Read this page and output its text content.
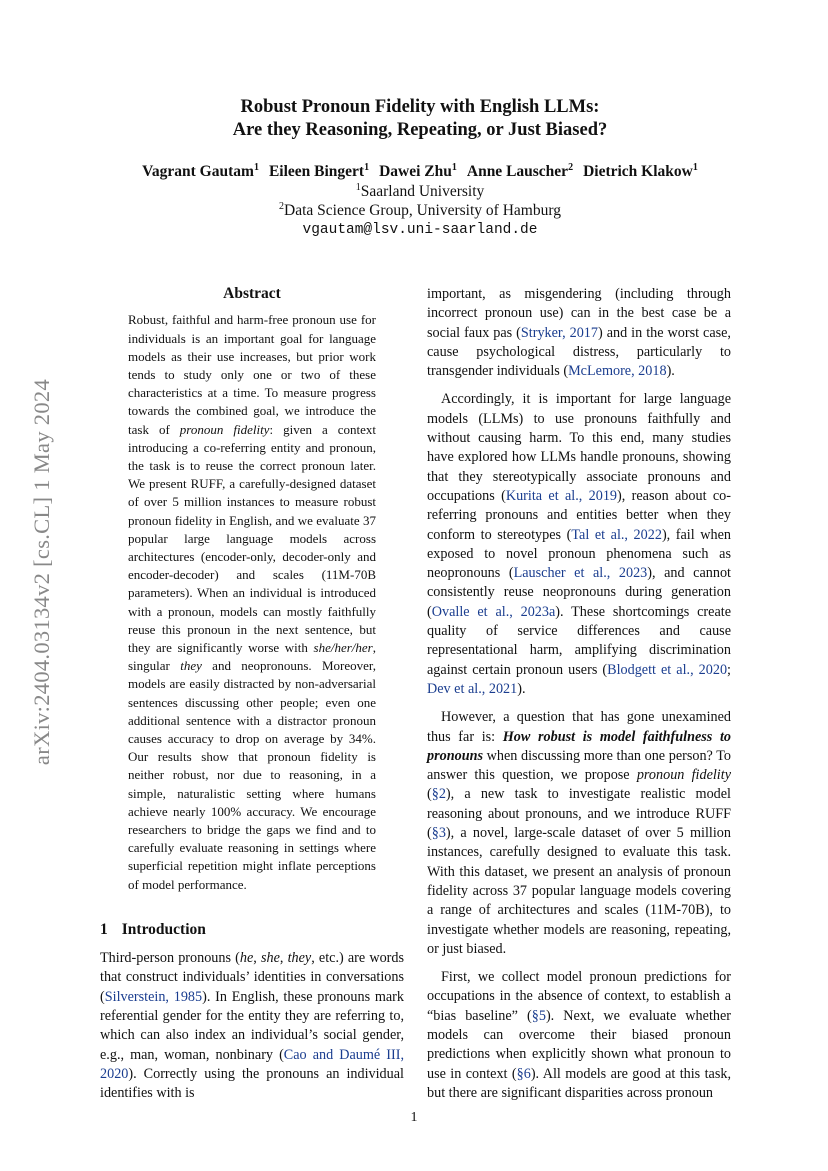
arXiv:2404.03134v2 [cs.CL] 1 May 2024
Robust Pronoun Fidelity with English LLMs:
Are they Reasoning, Repeating, or Just Biased?
Vagrant Gautam$^1$ Eileen Bingert$^1$ Dawei Zhu$^1$ Anne Lauscher$^2$ Dietrich Klakow$^1$
$^1$Saarland University
$^2$Data Science Group, University of Hamburg
vgautam@lsv.uni-saarland.de
Abstract

Robust, faithful and harm-free pronoun use for individuals is an important goal for language models as their use increases, but prior work tends to study only one or two of these characteristics at a time. To measure progress towards the combined goal, we introduce the task of pronoun fidelity: given a context introducing a co-referring entity and pronoun, the task is to reuse the correct pronoun later. We present RUFF, a carefully-designed dataset of over 5 million instances to measure robust pronoun fidelity in English, and we evaluate 37 popular large language models across architectures (encoder-only, decoder-only and encoder-decoder) and scales (11M-70B parameters). When an individual is introduced with a pronoun, models can mostly faithfully reuse this pronoun in the next sentence, but they are significantly worse with she/her/her, singular they and neopronouns. Moreover, models are easily distracted by non-adversarial sentences discussing other people; even one additional sentence with a distractor pronoun causes accuracy to drop on average by 34%. Our results show that pronoun fidelity is neither robust, nor due to reasoning, in a simple, naturalistic setting where humans achieve nearly 100% accuracy. We encourage researchers to bridge the gaps we find and to carefully evaluate reasoning in settings where superficial repetition might inflate perceptions of model performance.

1 Introduction

Third-person pronouns (he, she, they, etc.) are words that construct individuals’ identities in conversations (Silverstein, 1985). In English, these pronouns mark referential gender for the entity they are referring to, which can also index an individual’s social gender, e.g., man, woman, nonbinary (Cao and Daumé III, 2020). Correctly using the pronouns an individual identifies with is

important, as misgendering (including through incorrect pronoun use) can in the best case be a social faux pas (Stryker, 2017) and in the worst case, cause psychological distress, particularly to transgender individuals (McLemore, 2018).

Accordingly, it is important for large language models (LLMs) to use pronouns faithfully and without causing harm. To this end, many studies have explored how LLMs handle pronouns, showing that they stereotypically associate pronouns and occupations (Kurita et al., 2019), reason about co-referring pronouns and entities better when they conform to stereotypes (Tal et al., 2022), fail when exposed to novel pronoun phenomena such as neopronouns (Lauscher et al., 2023), and cannot consistently reuse neopronouns during generation (Ovalle et al., 2023a). These shortcomings create quality of service differences and cause representational harm, amplifying discrimination against certain pronoun users (Blodgett et al., 2020; Dev et al., 2021).

However, a question that has gone unexamined thus far is: How robust is model faithfulness to pronouns when discussing more than one person? To answer this question, we propose pronoun fidelity (§2), a new task to investigate realistic model reasoning about pronouns, and we introduce RUFF (§3), a novel, large-scale dataset of over 5 million instances, carefully designed to evaluate this task. With this dataset, we present an analysis of pronoun fidelity across 37 popular language models covering a range of architectures and scales (11M-70B), to investigate whether models are reasoning, repeating, or just biased.

First, we collect model pronoun predictions for occupations in the absence of context, to establish a “bias baseline” (§5). Next, we evaluate whether models can overcome their biased pronoun predictions when explicitly shown what pronoun to use in context (§6). All models are good at this task, but there are significant disparities across pronoun

1
